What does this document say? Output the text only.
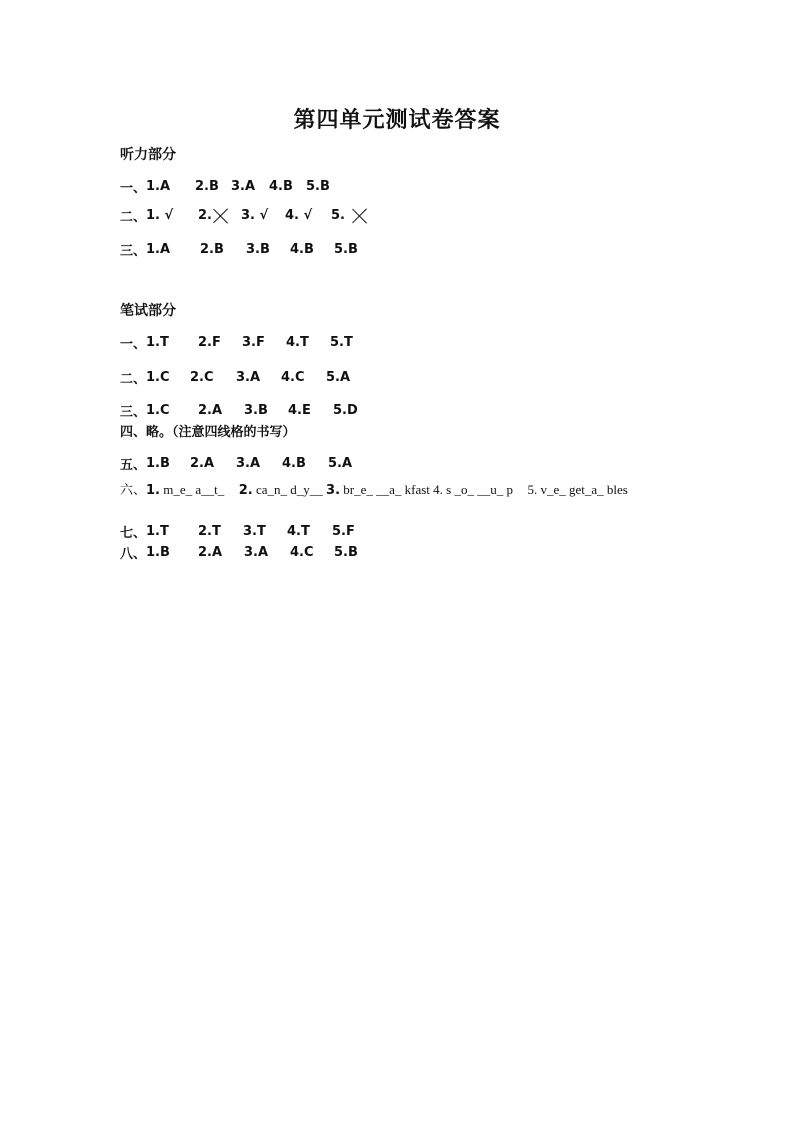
第四单元测试卷答案
听力部分
一、 1.A	2.B 3.A	4.B	5.B
二、 1. √	2. 3. √	4. √	5.
三、 1.A	2.B	3.B	4.B	5.B
笔试部分
一、 1.T	2.F	3.F	4.T	5.T
二、 1.C	2.C	3.A	4.C	5.A
三、 1.C	2.A	3.B	4.E	5.D
四、 略。（注意四线格的书写）
五、 1.B	2.A	3.A	4.B	5.A
六、1. m_e_ a__t_ 2. ca_n_ d_y__ 3. br_e_ __a_ kfast 4. s _o_ __u_ p 5. v_e_ get_a_ bles
七、 1.T	2.T	3.T	4.T	5.F
八、 1.B	2.A	3.A	4.C	5.B
